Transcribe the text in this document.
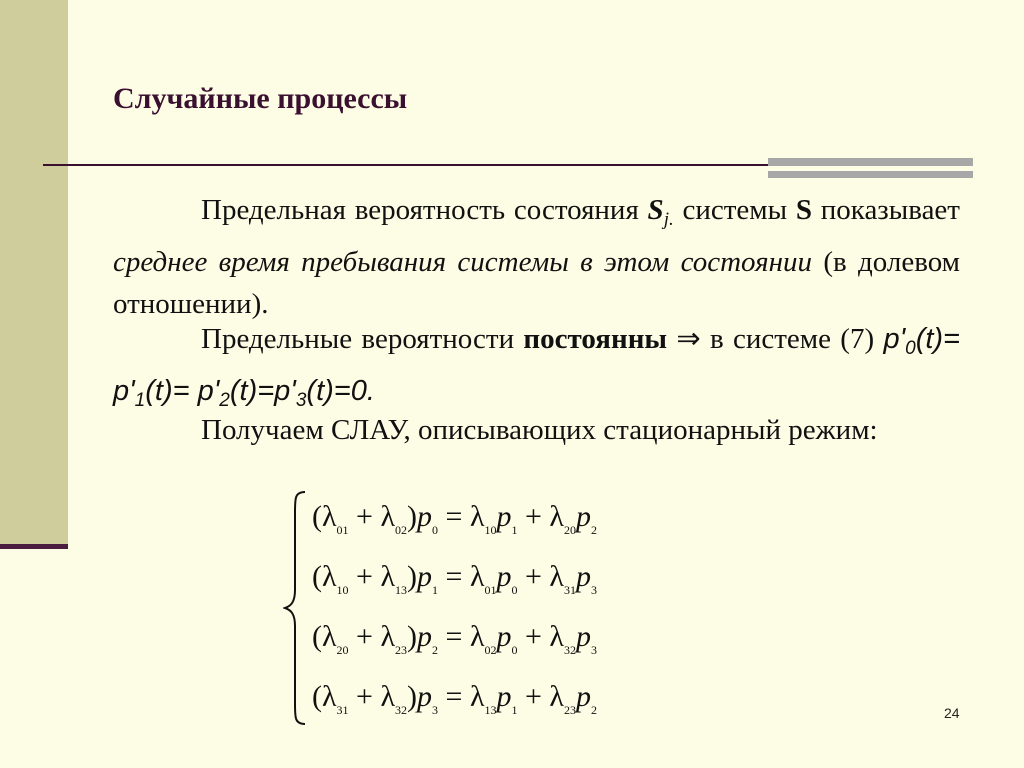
Случайные процессы
Предельная вероятность состояния $S_{j.}$ системы S показывает среднее время пребывания системы в этом состоянии (в долевом отношении).
Предельные вероятности постоянны ⇒ в системе (7) $p'_0(t)= p'_1(t)= p'_2(t)=p'_3(t)=0$.
Получаем СЛАУ, описывающих стационарный режим:
$(\lambda_{01} + \lambda_{02})p_0 = \lambda_{10}p_1 + \lambda_{20}p_2$
$(\lambda_{10} + \lambda_{13})p_1 = \lambda_{01}p_0 + \lambda_{31}p_3$
$(\lambda_{20} + \lambda_{23})p_2 = \lambda_{02}p_0 + \lambda_{32}p_3$
$(\lambda_{31} + \lambda_{32})p_3 = \lambda_{13}p_1 + \lambda_{23}p_2$	24
